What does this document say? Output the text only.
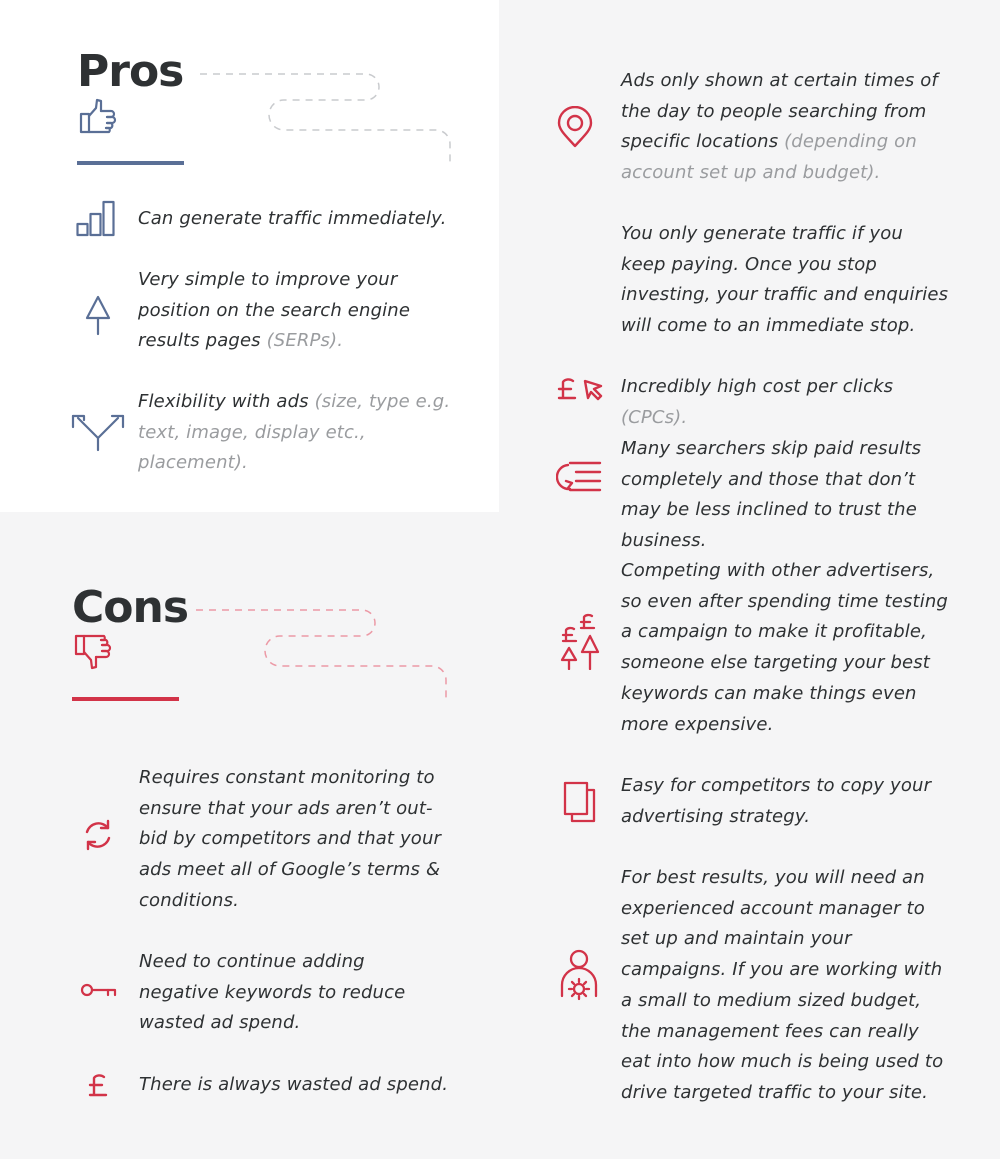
Pros

Can generate traffic immediately.

Very simple to improve your position on the search engine results pages (SERPs).

Flexibility with ads (size, type e.g. text, image, display etc., placement).

Cons

Requires constant monitoring to ensure that your ads aren’t out-bid by competitors and that your ads meet all of Google’s terms & conditions.

Need to continue adding negative keywords to reduce wasted ad spend.

There is always wasted ad spend.

Ads only shown at certain times of the day to people searching from specific locations (depending on account set up and budget).

You only generate traffic if you keep paying. Once you stop investing, your traffic and enquiries will come to an immediate stop.

Incredibly high cost per clicks (CPCs).

Many searchers skip paid results completely and those that don’t may be less inclined to trust the business.

Competing with other advertisers, so even after spending time testing a campaign to make it profitable, someone else targeting your best keywords can make things even more expensive.

Easy for competitors to copy your advertising strategy.

For best results, you will need an experienced account manager to set up and maintain your campaigns. If you are working with a small to medium sized budget, the management fees can really eat into how much is being used to drive targeted traffic to your site.
